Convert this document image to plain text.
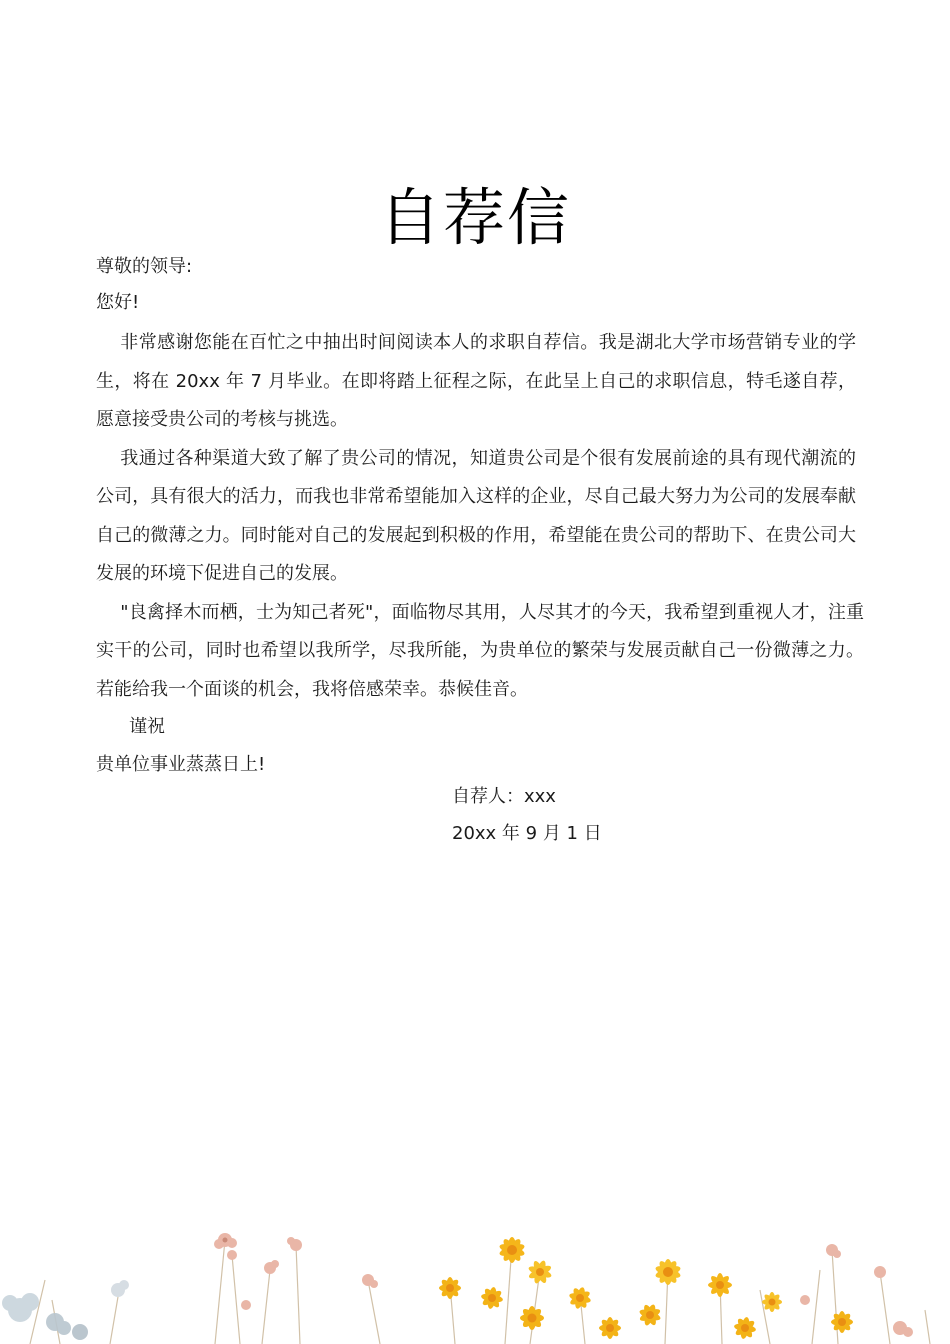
自荐信
尊敬的领导:
您好!
非常感谢您能在百忙之中抽出时间阅读本人的求职自荐信。我是湖北大学市场营销专业的学生，将在 20xx 年 7 月毕业。在即将踏上征程之际，在此呈上自己的求职信息，特毛遂自荐，愿意接受贵公司的考核与挑选。
我通过各种渠道大致了解了贵公司的情况，知道贵公司是个很有发展前途的具有现代潮流的公司，具有很大的活力，而我也非常希望能加入这样的企业，尽自己最大努力为公司的发展奉献自己的微薄之力。同时能对自己的发展起到积极的作用，希望能在贵公司的帮助下、在贵公司大发展的环境下促进自己的发展。
"良禽择木而栖，士为知己者死"，面临物尽其用，人尽其才的今天，我希望到重视人才，注重实干的公司，同时也希望以我所学，尽我所能，为贵单位的繁荣与发展贡献自己一份微薄之力。若能给我一个面谈的机会，我将倍感荣幸。恭候佳音。
谨祝
贵单位事业蒸蒸日上!
自荐人：xxx
20xx 年 9 月 1 日
